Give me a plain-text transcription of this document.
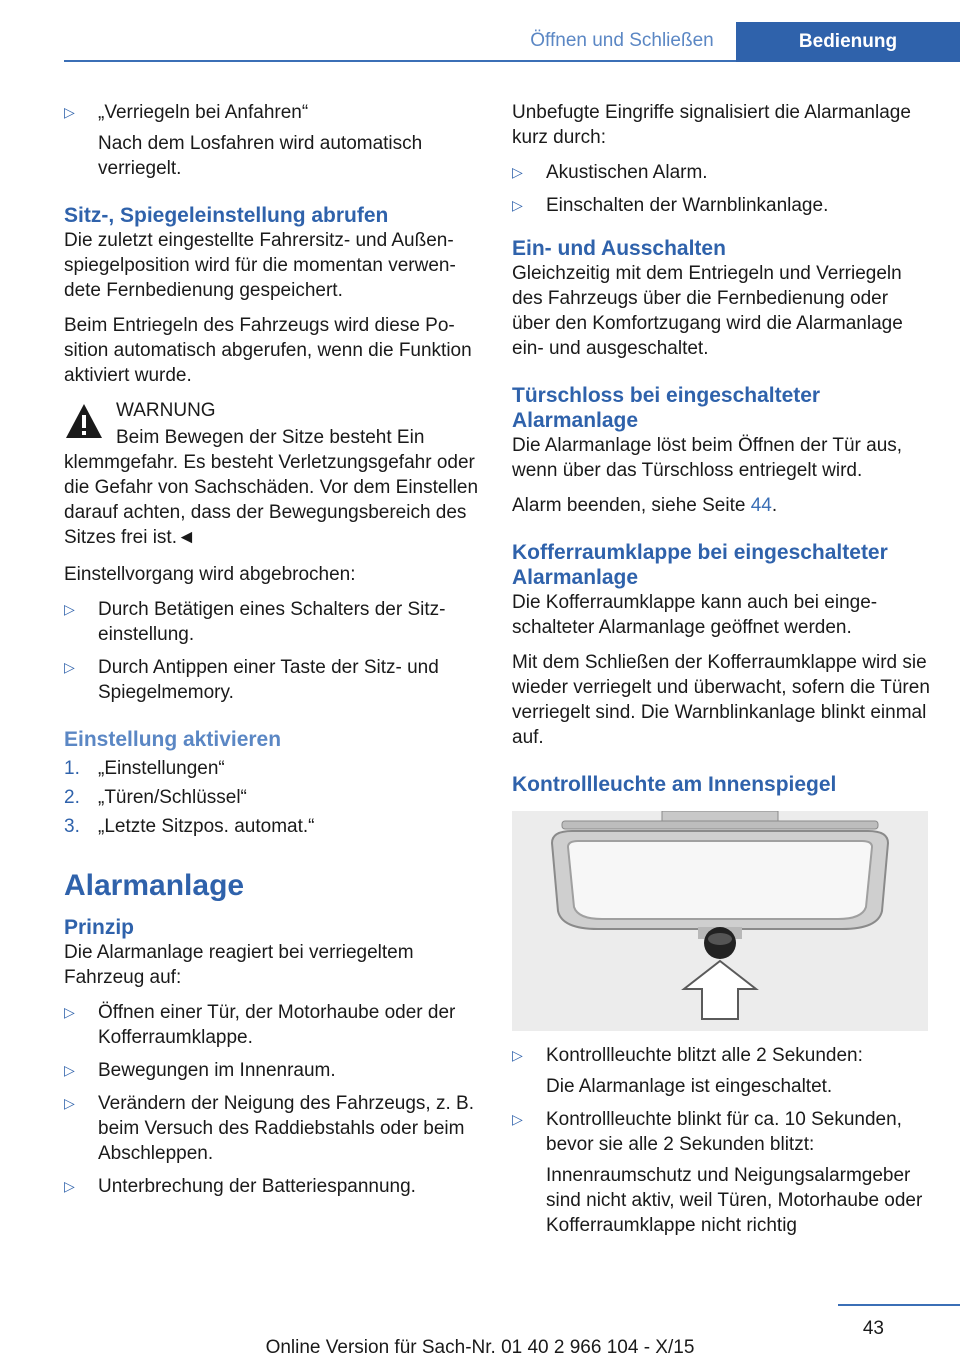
Öffnen und Schließen	Bedienung
▷ „Verriegeln bei Anfahren“
Nach dem Losfahren wird automatisch verriegelt.
Sitz-, Spiegeleinstellung abrufen

Die zuletzt eingestellte Fahrersitz- und Außenspiegelposition wird für die momentan verwendete Fernbedienung gespeichert.

Beim Entriegeln des Fahrzeugs wird diese Position automatisch abgerufen, wenn die Funktion aktiviert wurde.

WARNUNG

Beim Bewegen der Sitze besteht Ein

klemmgefahr. Es besteht Verletzungsgefahr oder die Gefahr von Sachschäden. Vor dem Einstellen darauf achten, dass der Bewegungsbereich des Sitzes frei ist.◄

Einstellvorgang wird abgebrochen:

▷ Durch Betätigen eines Schalters der Sitzeinstellung.
▷ Durch Antippen einer Taste der Sitz- und Spiegelmemory.
Einstellung aktivieren
1. „Einstellungen“
2. „Türen/Schlüssel“
3. „Letzte Sitzpos. automat.“
Alarmanlage
Prinzip

Die Alarmanlage reagiert bei verriegeltem Fahrzeug auf:

▷ Öffnen einer Tür, der Motorhaube oder der Kofferraumklappe.
▷ Bewegungen im Innenraum.
▷ Verändern der Neigung des Fahrzeugs, z. B. beim Versuch des Raddiebstahls oder beim Abschleppen.
▷ Unterbrechung der Batteriespannung.

Unbefugte Eingriffe signalisiert die Alarmanlage kurz durch:

▷ Akustischen Alarm.
▷ Einschalten der Warnblinkanlage.
Ein- und Ausschalten

Gleichzeitig mit dem Entriegeln und Verriegeln des Fahrzeugs über die Fernbedienung oder über den Komfortzugang wird die Alarmanlage ein- und ausgeschaltet.

Türschloss bei eingeschalteter Alarmanlage

Die Alarmanlage löst beim Öffnen der Tür aus, wenn über das Türschloss entriegelt wird.

Alarm beenden, siehe Seite 44.

Kofferraumklappe bei eingeschalteter Alarmanlage

Die Kofferraumklappe kann auch bei eingeschalteter Alarmanlage geöffnet werden.

Mit dem Schließen der Kofferraumklappe wird sie wieder verriegelt und überwacht, sofern die Türen verriegelt sind. Die Warnblinkanlage blinkt einmal auf.

Kontrollleuchte am Innenspiegel
▷ Kontrollleuchte blitzt alle 2 Sekunden:
Die Alarmanlage ist eingeschaltet.
▷ Kontrollleuchte blinkt für ca. 10 Sekunden, bevor sie alle 2 Sekunden blitzt:
Innenraumschutz und Neigungsalarmgeber sind nicht aktiv, weil Türen, Motorhaube oder Kofferraumklappe nicht richtig
43
Online Version für Sach-Nr. 01 40 2 966 104 - X/15
